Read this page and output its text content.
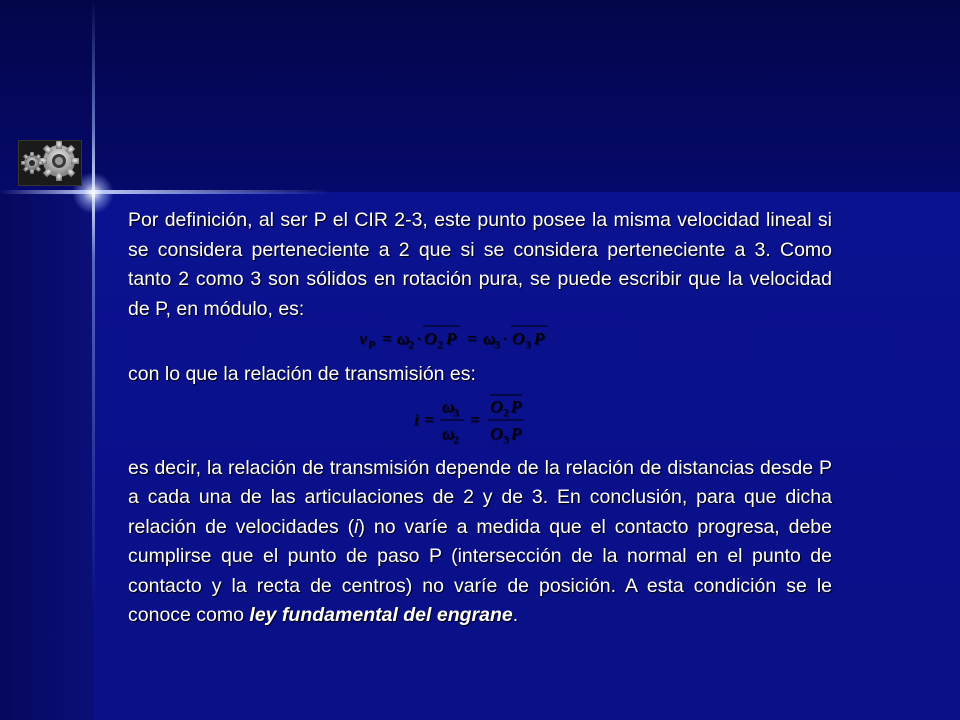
Por definición, al ser P el CIR 2-3, este punto posee la misma velocidad lineal si se considera perteneciente a 2 que si se considera perteneciente a 3. Como tanto 2 como 3 son sólidos en rotación pura, se puede escribir que la velocidad de P, en módulo, es:

v P = ω
2 · O 2 P = ω
3 · O 3 P

con lo que la relación de transmisión es:

i =
ω
3
ω
2
=
O 2 P
O 3 P

es decir, la relación de transmisión depende de la relación de distancias desde P a cada una de las articulaciones de 2 y de 3. En conclusión, para que dicha relación de velocidades (i) no varíe a medida que el contacto progresa, debe cumplirse que el punto de paso P (intersección de la normal en el punto de contacto y la recta de centros) no varíe de posición. A esta condición se le conoce como ley fundamental del engrane.
